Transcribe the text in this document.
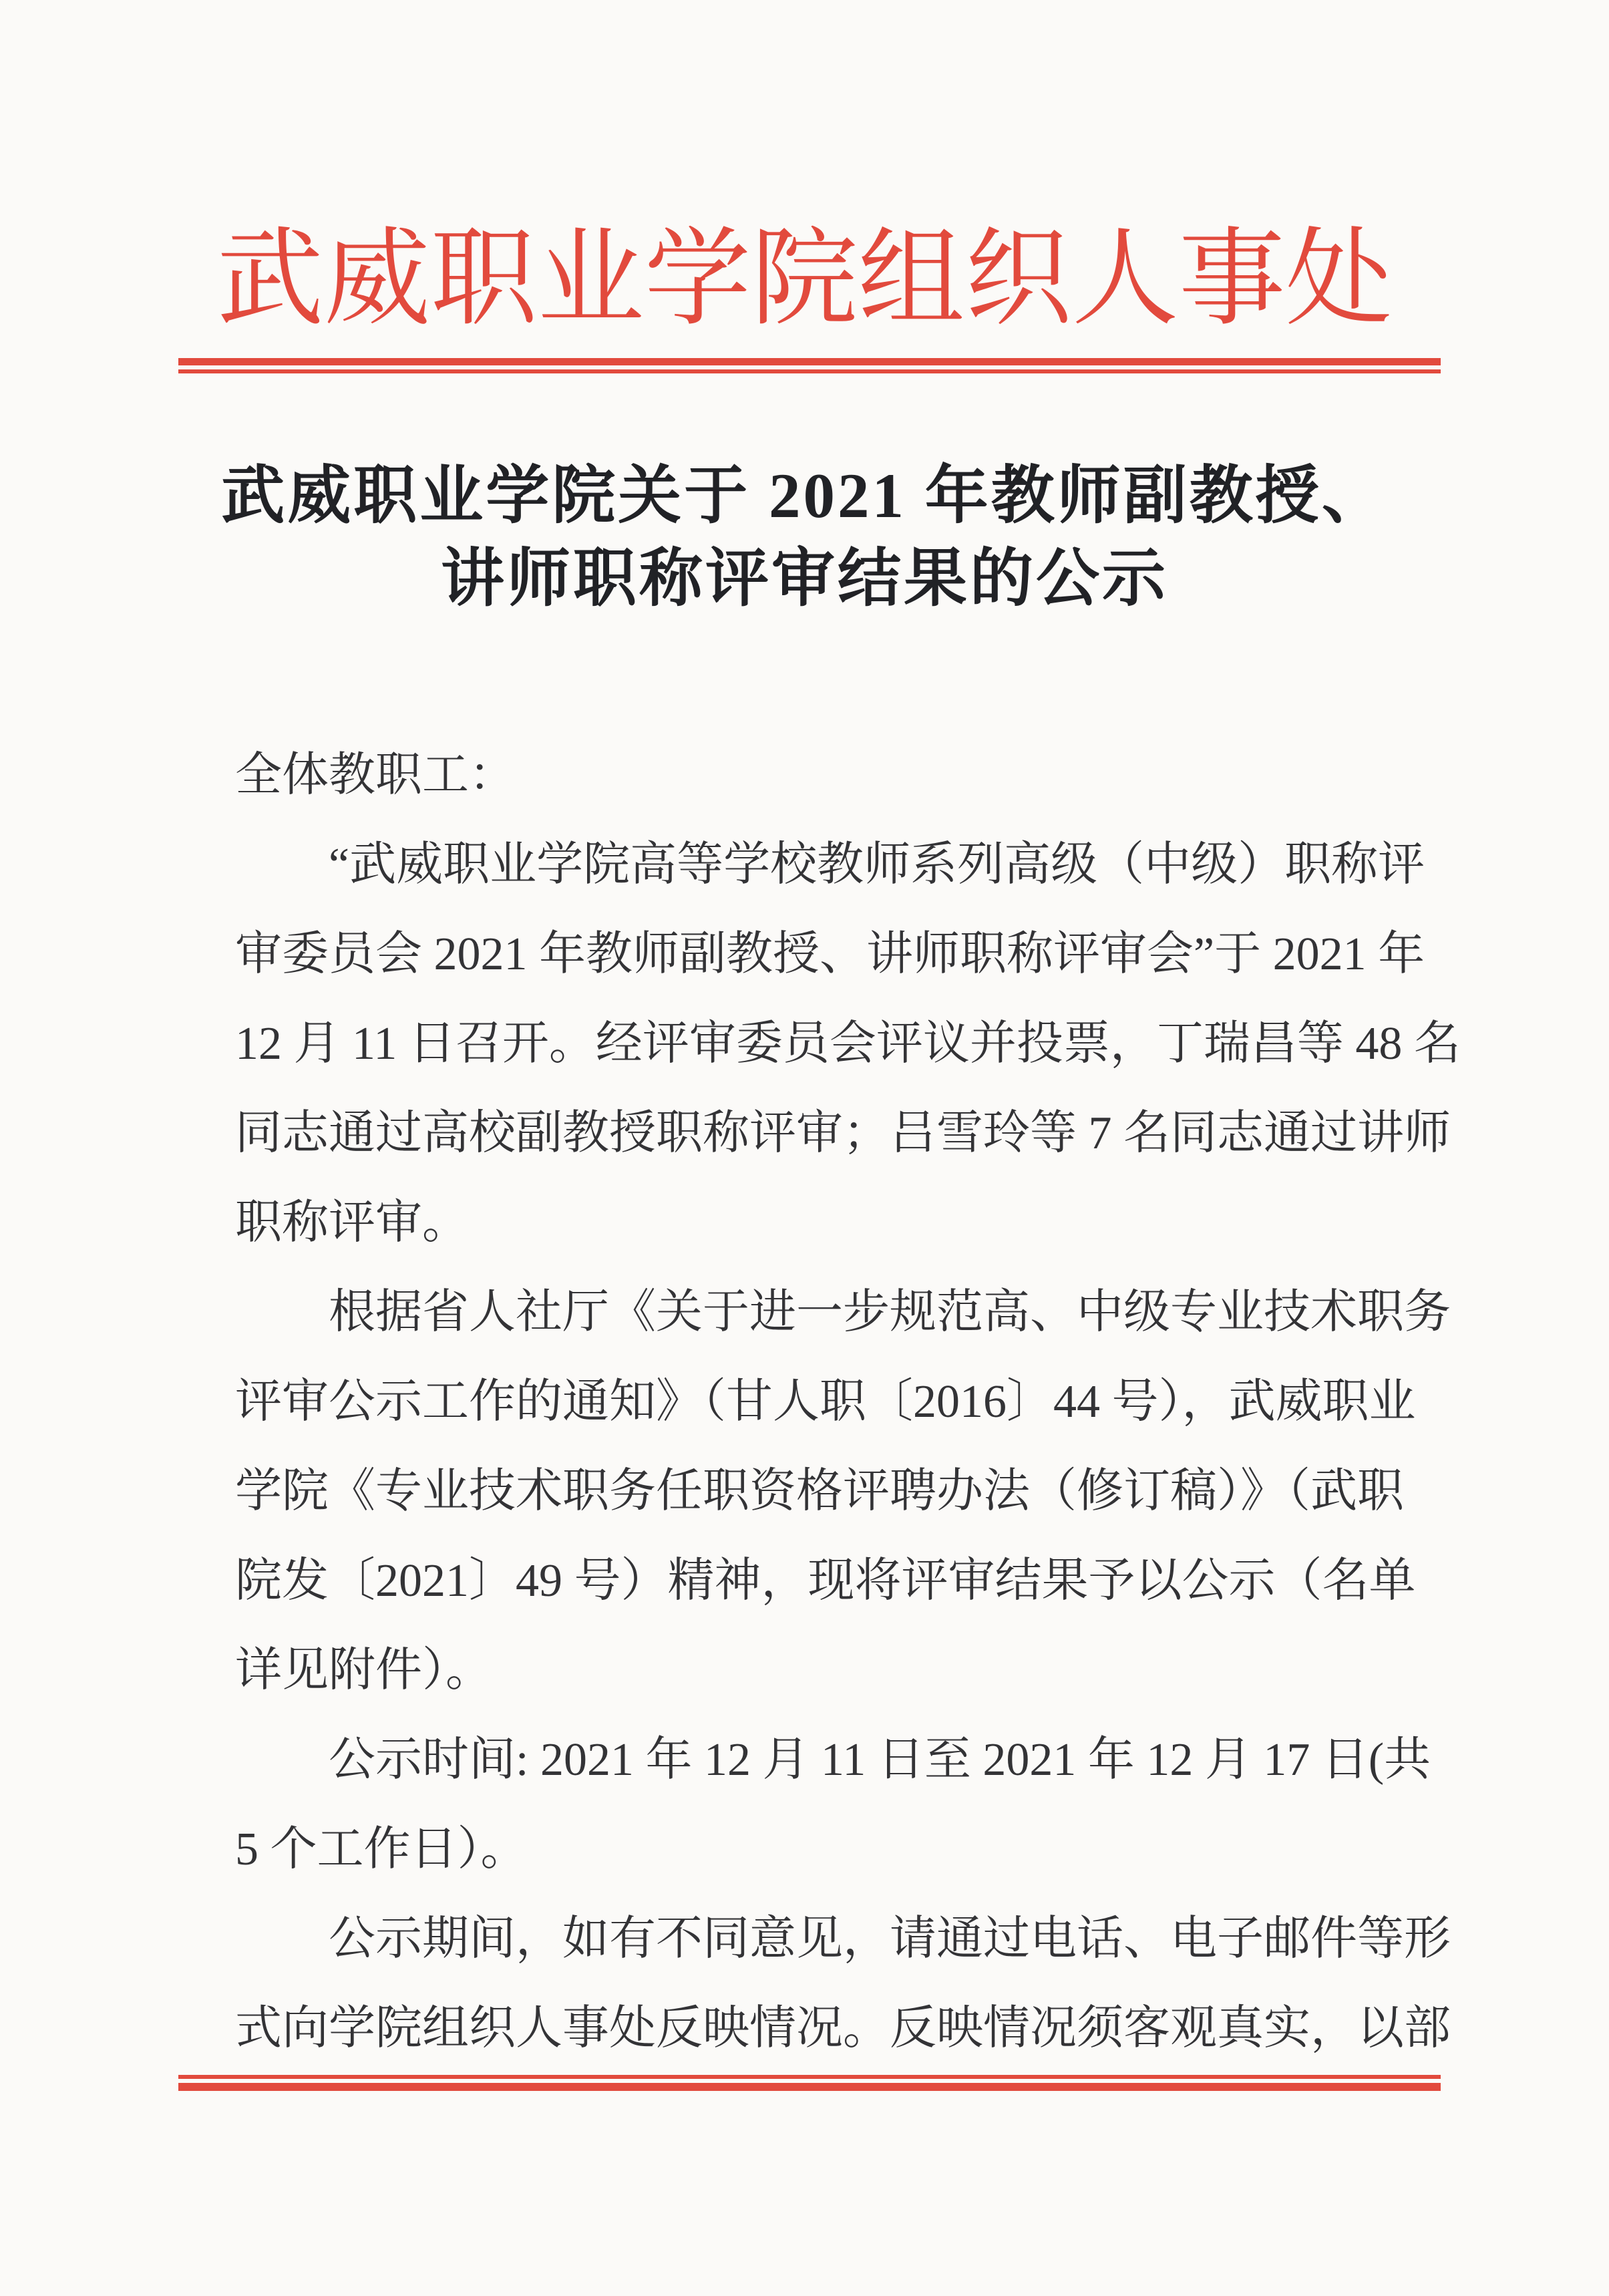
武威职业学院组织人事处
武威职业学院关于 2021 年教师副教授、
讲师职称评审结果的公示
全体教职工：
“武威职业学院高等学校教师系列高级（中级）职称评
审委员会 2021 年教师副教授、讲师职称评审会”于 2021 年
12 月 11 日召开。经评审委员会评议并投票，丁瑞昌等 48 名
同志通过高校副教授职称评审；吕雪玲等 7 名同志通过讲师
职称评审。
根据省人社厅《关于进一步规范高、中级专业技术职务
评审公示工作的通知》（甘人职〔2016〕44 号），武威职业
学院《专业技术职务任职资格评聘办法（修订稿）》（武职
院发〔2021〕49 号）精神，现将评审结果予以公示（名单
详见附件）。
公示时间: 2021 年 12 月 11 日至 2021 年 12 月 17 日(共
5 个工作日）。
公示期间，如有不同意见，请通过电话、电子邮件等形
式向学院组织人事处反映情况。反映情况须客观真实，以部
